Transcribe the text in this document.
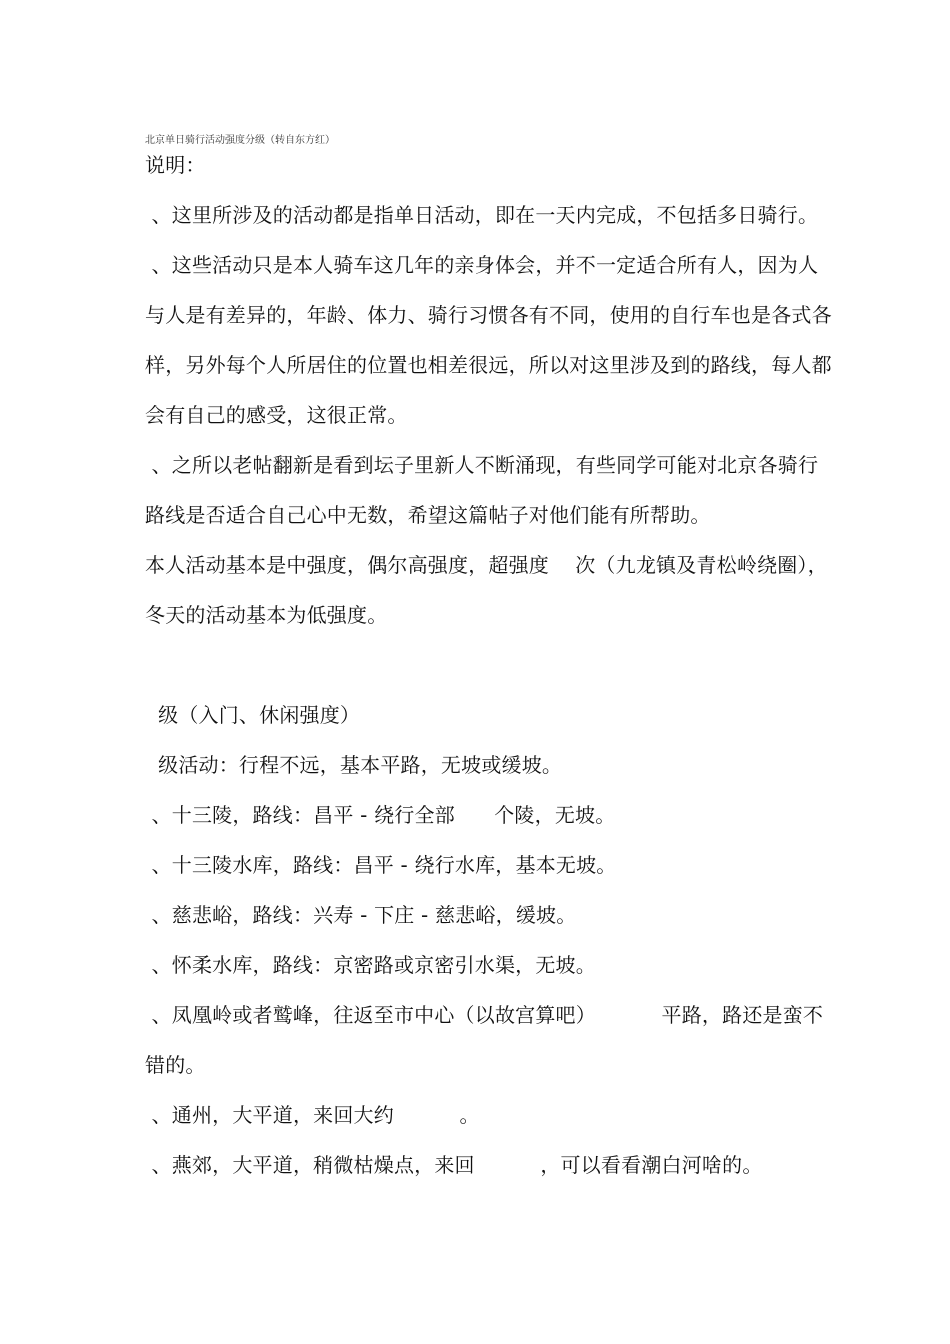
北京单日骑行活动强度分级（转自东方红）
说明：
、这里所涉及的活动都是指单日活动，即在一天内完成，不包括多日骑行。
、这些活动只是本人骑车这几年的亲身体会，并不一定适合所有人，因为人
与人是有差异的，年龄、体力、骑行习惯各有不同，使用的自行车也是各式各
样，另外每个人所居住的位置也相差很远，所以对这里涉及到的路线，每人都
会有自己的感受，这很正常。
、之所以老帖翻新是看到坛子里新人不断涌现，有些同学可能对北京各骑行
路线是否适合自己心中无数，希望这篇帖子对他们能有所帮助。
本人活动基本是中强度，偶尔高强度，超强度    次（九龙镇及青松岭绕圈），
冬天的活动基本为低强度。
级（入门、休闲强度）
级活动：行程不远，基本平路，无坡或缓坡。
、十三陵，路线：昌平 - 绕行全部      个陵，无坡。
、十三陵水库，路线：昌平 - 绕行水库，基本无坡。
、慈悲峪，路线：兴寿 - 下庄 - 慈悲峪，缓坡。
、怀柔水库，路线：京密路或京密引水渠，无坡。
、凤凰岭或者鹫峰，往返至市中心（以故宫算吧）          平路，路还是蛮不
错的。
、通州，大平道，来回大约          。
、燕郊，大平道，稍微枯燥点，来回          ，可以看看潮白河啥的。
